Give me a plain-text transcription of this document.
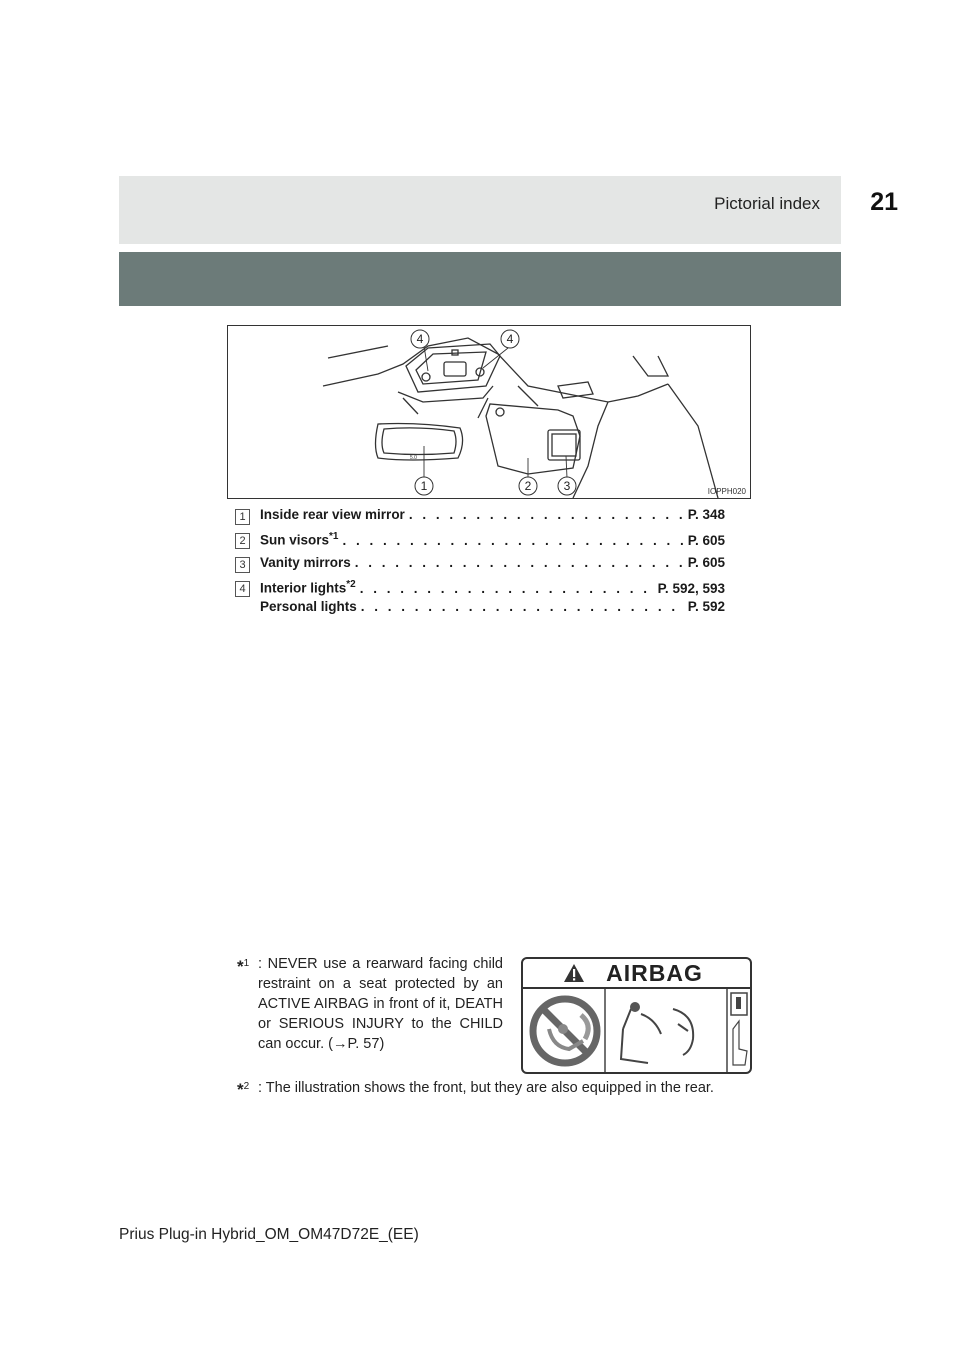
Pictorial index 21
5.0
4	4
1	2	3	IOPPH020
1	Inside rear view mirror . . .	P. 348
2	Sun visors$^{*1}$ . . .	P. 605
3	Vanity mirrors . . .	P. 605
4	Interior lights$^{*2}$ . . .	P. 592, 593
Personal lights . . .	P. 592
*$^1$ : NEVER use a rearward facing child restraint on a seat protected by an ACTIVE AIRBAG in front of it, DEATH or SERIOUS INJURY to the CHILD can occur. (→P. 57)
AIRBAG
*$^2$ : The illustration shows the front, but they are also equipped in the rear.
Prius Plug-in Hybrid_OM_OM47D72E_(EE)
